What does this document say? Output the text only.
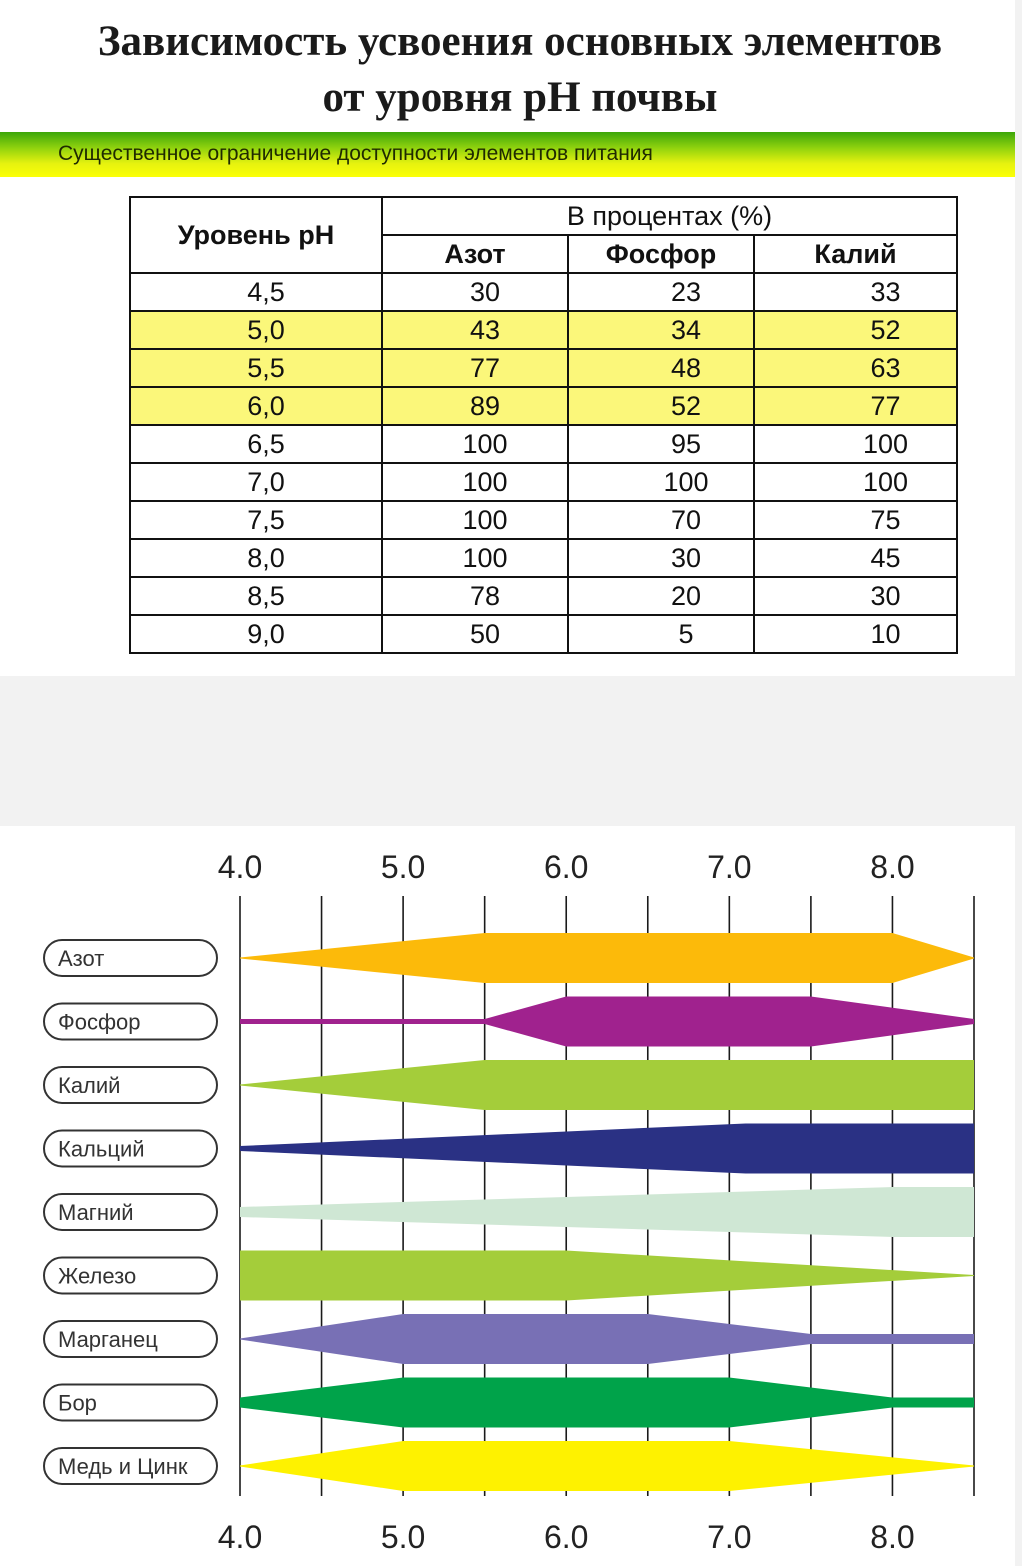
Зависимость усвоения основных элементов
от уровня рН почвы
Существенное ограничение доступности элементов питания
Уровень рН	В процентах (%)		
	Азот	Фосфор	Калий
4,5	30	23	33
5,0	43	34	52
5,5	77	48	63
6,0	89	52	77
6,5	100	95	100
7,0	100	100	100
7,5	100	70	75
8,0	100	30	45
8,5	78	20	30
9,0	50	5	10
4.0
4.0
5.0
5.0
6.0
6.0
7.0
7.0
8.0
8.0
Азот
Фосфор
Калий
Кальций
Магний
Железо
Марганец
Бор
Медь и Цинк
